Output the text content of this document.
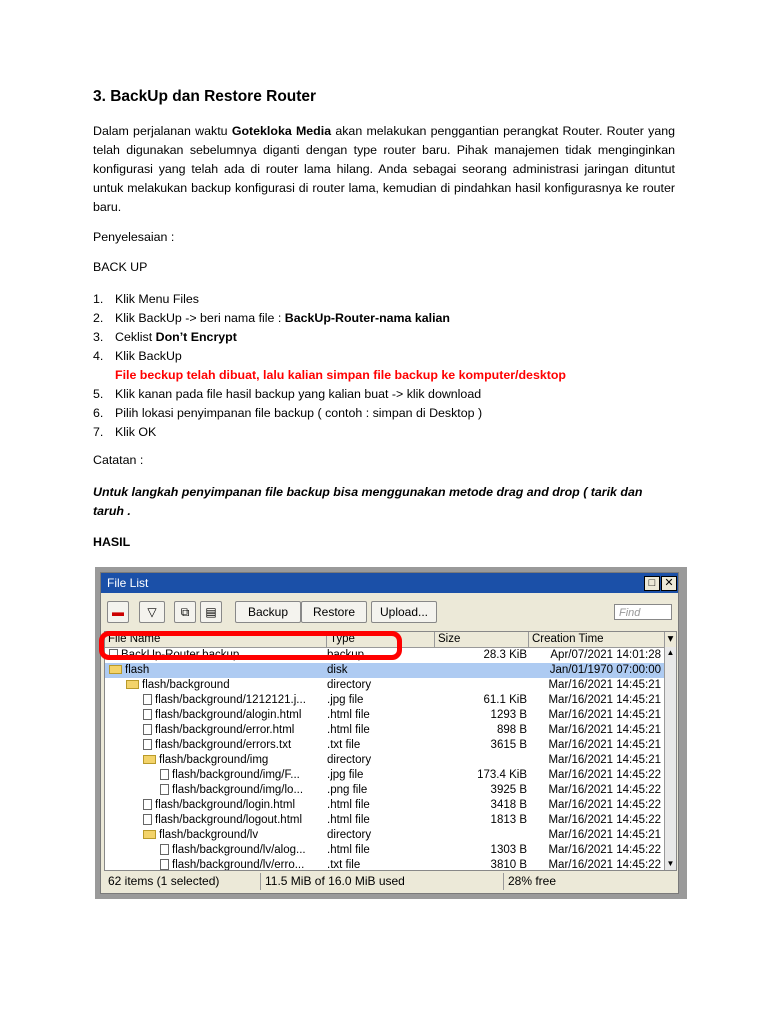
3. BackUp dan Restore Router

Dalam perjalanan waktu Gotekloka Media akan melakukan penggantian perangkat Router. Router yang telah digunakan sebelumnya diganti dengan type router baru. Pihak manajemen tidak menginginkan konfigurasi yang telah ada di router lama hilang. Anda sebagai seorang administrasi jaringan dituntut untuk melakukan backup konfigurasi di router lama, kemudian di pindahkan hasil konfigurasnya ke router baru.

Penyelesaian :

BACK UP

1. Klik Menu Files
2. Klik BackUp -> beri nama file : BackUp-Router-nama kalian
3. Ceklist Don’t Encrypt
4. Klik BackUp
File beckup telah dibuat, lalu kalian simpan file backup ke komputer/desktop
5. Klik kanan pada file hasil backup yang kalian buat -> klik download
6. Pilih lokasi penyimpanan file backup ( contoh : simpan di Desktop )
7. Klik OK

Catatan :

Untuk langkah penyimpanan file backup bisa menggunakan metode drag and drop ( tarik dan taruh .

HASIL

File List	□ ✕
▬	▽	⧉	▤	Backup	Restore	Upload...	Find
File Name	Type	Size	Creation Time	▾
BackUp-Router.backup	backup	28.3 KiB	Apr/07/2021 14:01:28
flash	disk	Jan/01/1970 07:00:00
flash/background	directory	Mar/16/2021 14:45:21
flash/background/1212121.j...	.jpg file	61.1 KiB	Mar/16/2021 14:45:21
flash/background/alogin.html	.html file	1293 B	Mar/16/2021 14:45:21
flash/background/error.html	.html file	898 B	Mar/16/2021 14:45:21
flash/background/errors.txt	.txt file	3615 B	Mar/16/2021 14:45:21
flash/background/img	directory	Mar/16/2021 14:45:21
flash/background/img/F...	.jpg file	173.4 KiB	Mar/16/2021 14:45:22
flash/background/img/lo...	.png file	3925 B	Mar/16/2021 14:45:22
flash/background/login.html	.html file	3418 B	Mar/16/2021 14:45:22
flash/background/logout.html	.html file	1813 B	Mar/16/2021 14:45:22
flash/background/lv	directory	Mar/16/2021 14:45:21
flash/background/lv/alog...	.html file	1303 B	Mar/16/2021 14:45:22
flash/background/lv/erro...	.txt file	3810 B	Mar/16/2021 14:45:22
▲
▼
62 items (1 selected)	11.5 MiB of 16.0 MiB used	28% free
